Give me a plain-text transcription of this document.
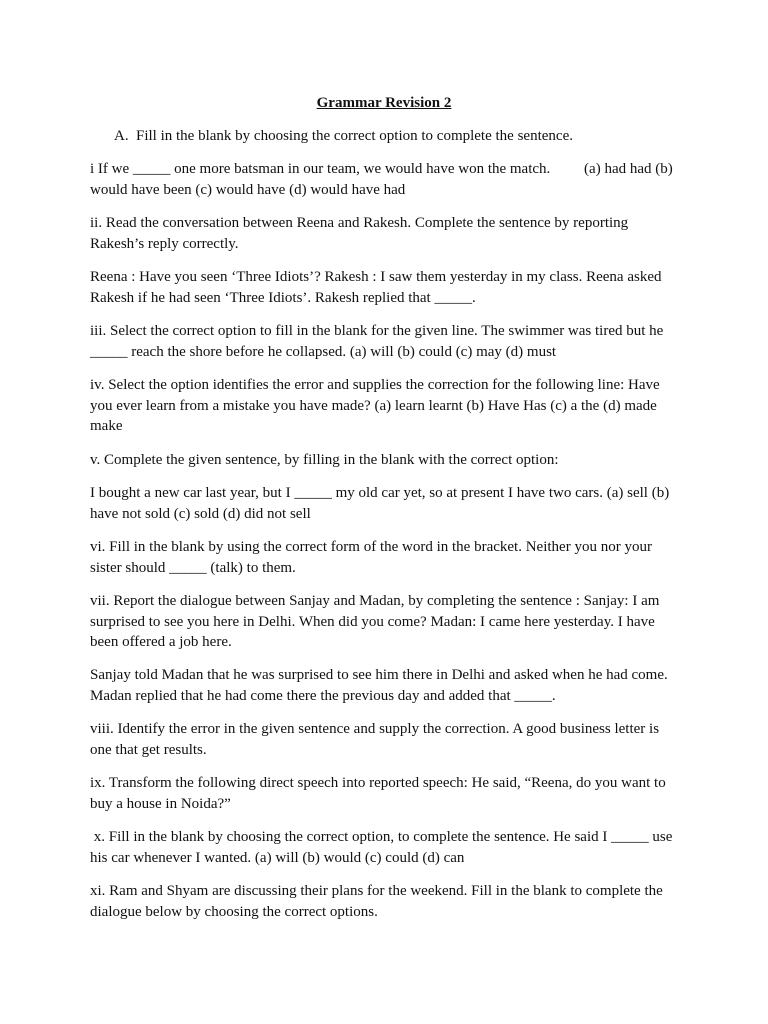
Grammar Revision 2
A. Fill in the blank by choosing the correct option to complete the sentence.

i If we _____ one more batsman in our team, we would have won the match.         (a) had had (b) would have been (c) would have (d) would have had

ii. Read the conversation between Reena and Rakesh. Complete the sentence by reporting Rakesh’s reply correctly.

Reena : Have you seen ‘Three Idiots’? Rakesh : I saw them yesterday in my class. Reena asked Rakesh if he had seen ‘Three Idiots’. Rakesh replied that _____.

iii. Select the correct option to fill in the blank for the given line. The swimmer was tired but he _____ reach the shore before he collapsed. (a) will (b) could (c) may (d) must

iv. Select the option identifies the error and supplies the correction for the following line: Have you ever learn from a mistake you have made? (a) learn learnt (b) Have Has (c) a the (d) made make

v. Complete the given sentence, by filling in the blank with the correct option:

I bought a new car last year, but I _____ my old car yet, so at present I have two cars. (a) sell (b) have not sold (c) sold (d) did not sell

vi. Fill in the blank by using the correct form of the word in the bracket. Neither you nor your sister should _____ (talk) to them.

vii. Report the dialogue between Sanjay and Madan, by completing the sentence : Sanjay: I am surprised to see you here in Delhi. When did you come? Madan: I came here yesterday. I have been offered a job here.

Sanjay told Madan that he was surprised to see him there in Delhi and asked when he had come. Madan replied that he had come there the previous day and added that _____.

viii. Identify the error in the given sentence and supply the correction. A good business letter is one that get results.

ix. Transform the following direct speech into reported speech: He said, “Reena, do you want to buy a house in Noida?”

x. Fill in the blank by choosing the correct option, to complete the sentence. He said I _____ use his car whenever I wanted. (a) will (b) would (c) could (d) can

xi. Ram and Shyam are discussing their plans for the weekend. Fill in the blank to complete the dialogue below by choosing the correct options.
